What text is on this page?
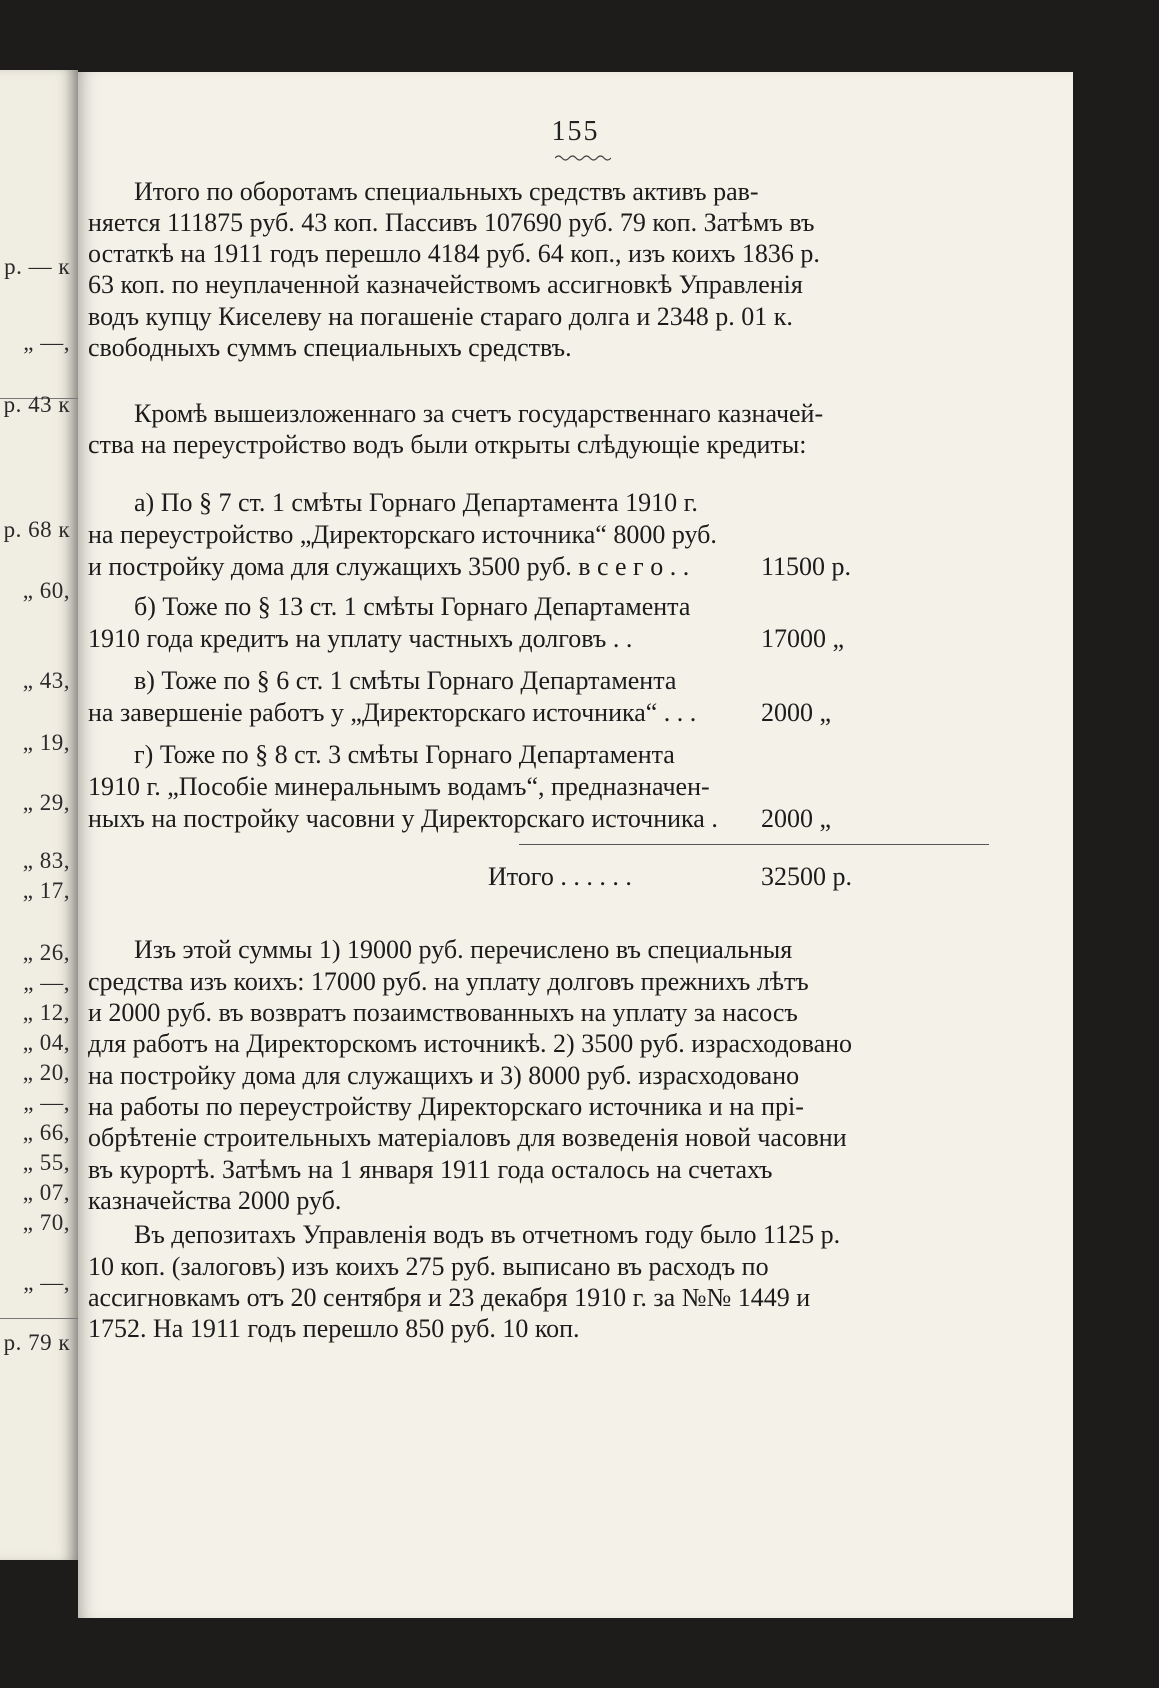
р. — к
„ —,
р. 43 к
р. 68 к
„ 60,
„ 43,
„ 19,
„ 29,
„ 83,
„ 17,
„ 26,
„ —,
„ 12,
„ 04,
„ 20,
„ —,
„ 66,
„ 55,
„ 07,
„ 70,
„ —,
р. 79 к
155
Итого по оборотамъ специальныхъ средствъ активъ рав-
няется 111875 руб. 43 коп. Пассивъ 107690 руб. 79 коп. Затѣмъ въ
остаткѣ на 1911 годъ перешло 4184 руб. 64 коп., изъ коихъ 1836 р.
63 коп. по неуплаченной казначействомъ ассигновкѣ Управленія
водъ купцу Киселеву на погашеніе стараго долга и 2348 р. 01 к.
свободныхъ суммъ специальныхъ средствъ.
Кромѣ вышеизложеннаго за счетъ государственнаго казначей-
ства на переустройство водъ были открыты слѣдующіе кредиты:
а) По § 7 ст. 1 смѣты Горнаго Департамента 1910 г.
на переустройство „Директорскаго источника“ 8000 руб.
и постройку дома для служащихъ 3500 руб. в с е г о . .	11500 р.
б) Тоже по § 13 ст. 1 смѣты Горнаго Департамента
1910 года кредитъ на уплату частныхъ долговъ . .	17000 „
в) Тоже по § 6 ст. 1 смѣты Горнаго Департамента
на завершеніе работъ у „Директорскаго источника“ . . . 2000 „
г) Тоже по § 8 ст. 3 смѣты Горнаго Департамента
1910 г. „Пособіе минеральнымъ водамъ“, предназначен-
ныхъ на постройку часовни у Директорскаго источника . 2000 „
Итого . . . . . .	32500 р.
Изъ этой суммы 1) 19000 руб. перечислено въ специальныя
средства изъ коихъ: 17000 руб. на уплату долговъ прежнихъ лѣтъ
и 2000 руб. въ возвратъ позаимствованныхъ на уплату за насосъ
для работъ на Директорскомъ источникѣ. 2) 3500 руб. израсходовано
на постройку дома для служащихъ и 3) 8000 руб. израсходовано
на работы по переустройству Директорскаго источника и на прі-
обрѣтеніе строительныхъ матеріаловъ для возведенія новой часовни
въ курортѣ. Затѣмъ на 1 января 1911 года осталось на счетахъ
казначейства 2000 руб.
Въ депозитахъ Управленія водъ въ отчетномъ году было 1125 р.
10 коп. (залоговъ) изъ коихъ 275 руб. выписано въ расходъ по
ассигновкамъ отъ 20 сентября и 23 декабря 1910 г. за №№ 1449 и
1752. На 1911 годъ перешло 850 руб. 10 коп.
